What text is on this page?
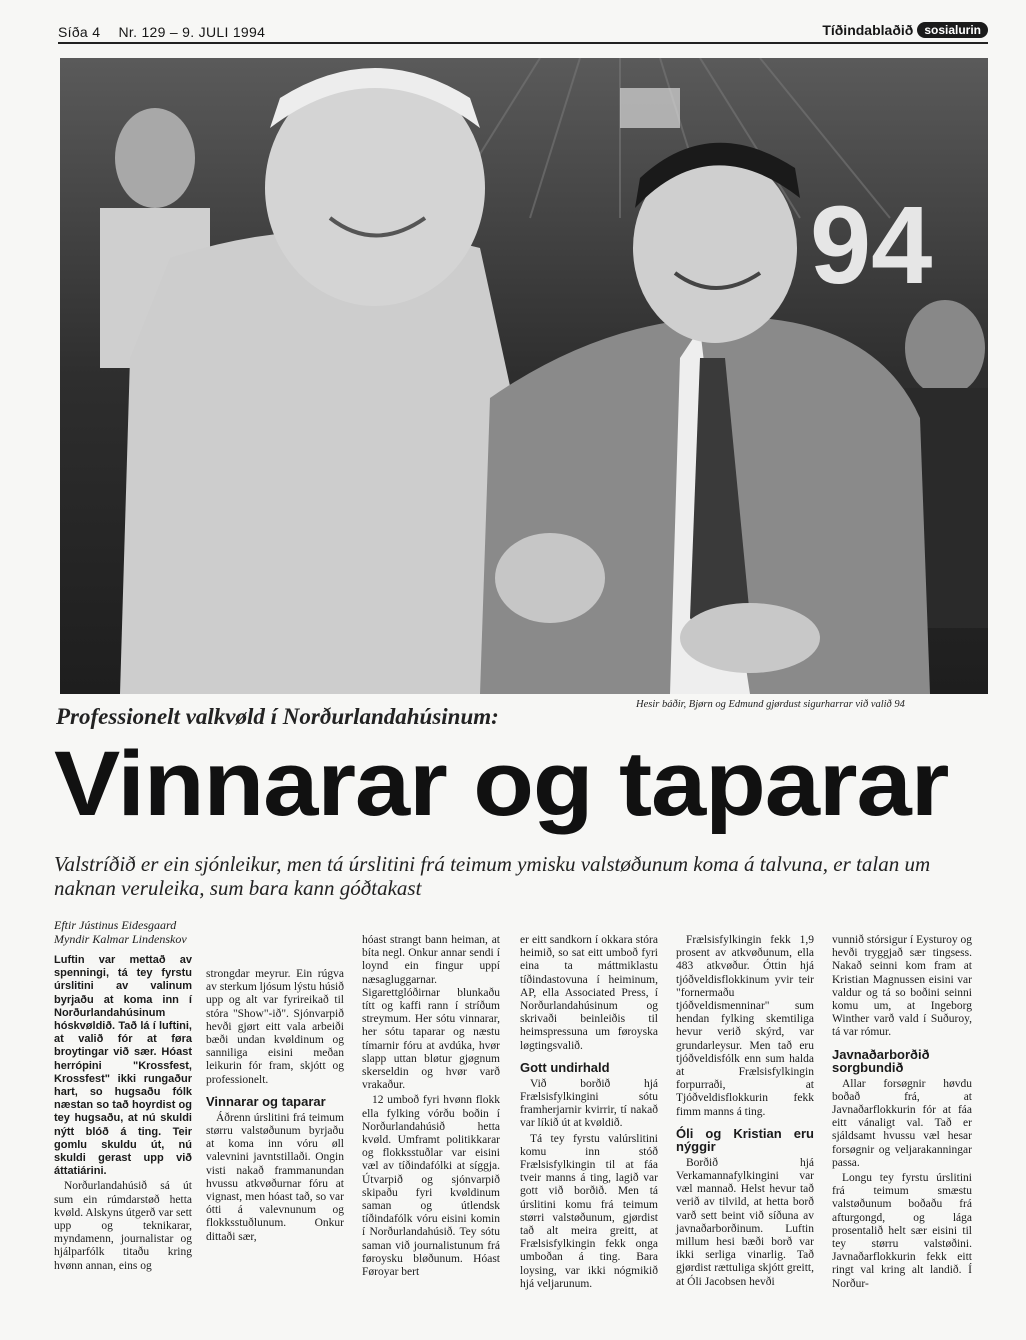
Síða 4 Nr. 129 – 9. JULI 1994	Tíðindablaðið sosialurin
94
Professionelt valkvøld í Norðurlandahúsinum:	Hesir báðir, Bjørn og Edmund gjørdust sigurharrar við valið 94
Vinnarar og taparar
Valstríðið er ein sjónleikur, men tá úrslitini frá teimum ymisku valstøðunum koma á talvuna, er talan um naknan veruleika, sum bara kann góðtakast
Eftir Jústinus Eidesgaard
Myndir Kalmar Lindenskov

Luftin var mettað av spenningi, tá tey fyrstu úrslitini av valinum byrjaðu at koma inn í Norðurlandahúsinum hóskvøldið. Tað lá í luftini, at valið fór at føra broytingar við sær. Hóast herrópini "Krossfest, Krossfest" ikki rungaður hart, so hugsaðu fólk næstan so tað hoyrdist og tey hugsaðu, at nú skuldi nýtt blóð á ting. Teir gomlu skuldu út, nú skuldi gerast upp við áttatiárini.

Norðurlandahúsið sá út sum ein rúmdarstøð hetta kvøld. Alskyns útgerð var sett upp og teknikarar, myndamenn, journalistar og hjálparfólk titaðu kring hvønn annan, eins og

strongdar meyrur. Ein rúgva av sterkum ljósum lýstu húsið upp og alt var fyrireikað til stóra "Show"-ið". Sjónvarpið hevði gjørt eitt vala arbeiði bæði undan kvøldinum og sanniliga eisini meðan leikurin fór fram, skjótt og professionelt.

Vinnarar og taparar

Áðrenn úrslitini frá teimum størru valstøðunum byrjaðu at koma inn vóru øll valevnini javntstillaði. Ongin visti nakað frammanundan hvussu atkvøðurnar fóru at vignast, men hóast tað, so var ótti á valevnunum og flokksstuðlunum. Onkur dittaði sær,

hóast strangt bann heiman, at bíta negl. Onkur annar sendi í loynd ein fingur uppí næsagluggarnar. Sigarettglóðirnar blunkaðu títt og kaffi rann í stríðum streymum. Her sótu vinnarar, her sótu taparar og næstu tímarnir fóru at avdúka, hvør slapp uttan bløtur gjøgnum skerseldin og hvør varð vrakaður.

12 umboð fyri hvønn flokk ella fylking vórðu boðin í Norðurlandahúsið hetta kvøld. Umframt politikkarar og flokksstuðlar var eisini væl av tíðindafólki at síggja. Útvarpið og sjónvarpið skipaðu fyri kvøldinum saman og útlendsk tíðindafólk vóru eisini komin í Norðurlandahúsið. Tey sótu saman við journalistunum frá føroysku bløðunum. Hóast Føroyar bert

er eitt sandkorn í okkara stóra heimið, so sat eitt umboð fyri eina ta máttmiklastu tíðindastovuna í heiminum, AP, ella Associated Press, í Norðurlandahúsinum og skrivaði beinleiðis til heimspressuna um føroyska løgtingsvalið.

Gott undirhald

Við borðið hjá Frælsisfylkingini sótu framherjarnir kvirrir, tí nakað var líkið út at kvøldið.

Tá tey fyrstu valúrslitini komu inn stóð Frælsisfylkingin til at fáa tveir manns á ting, lagið var gott við borðið. Men tá úrslitini komu frá teimum størri valstøðunum, gjørdist tað alt meira greitt, at Frælsisfylkingin fekk onga umboðan á ting. Bara loysing, var ikki nógmikið hjá veljarunum.

Frælsisfylkingin fekk 1,9 prosent av atkvøðunum, ella 483 atkvøður. Óttin hjá tjóðveldisflokkinum yvir teir "fornermaðu tjóðveldismenninar" sum hendan fylking skemtiliga hevur verið skýrd, var grundarleysur. Men tað eru tjóðveldisfólk enn sum halda at Frælsisfylkingin forpurraði, at Tjóðveldisflokkurin fekk fimm manns á ting.

Óli og Kristian eru nýggir

Borðið hjá Verkamannafylkingini var væl mannað. Helst hevur tað verið av tilvild, at hetta borð varð sett beint við síðuna av javnaðarborðinum. Luftin millum hesi bæði borð var ikki serliga vinarlig. Tað gjørdist rættuliga skjótt greitt, at Óli Jacobsen hevði

vunnið stórsigur í Eysturoy og hevði tryggjað sær tingsess. Nakað seinni kom fram at Kristian Magnussen eisini var valdur og tá so boðini seinni komu um, at Ingeborg Winther varð vald í Suðuroy, tá var rómur.

Javnaðarborðið sorgbundið

Allar forsøgnir høvdu boðað frá, at Javnaðarflokkurin fór at fáa eitt vánaligt val. Tað er sjáldsamt hvussu væl hesar forsøgnir og veljarakanningar passa.

Longu tey fyrstu úrslitini frá teimum smæstu valstøðunum boðaðu frá afturgongd, og lága prosentalið helt sær eisini til tey størru valstøðini. Javnaðarflokkurin fekk eitt ringt val kring alt landið. Í Norður-
